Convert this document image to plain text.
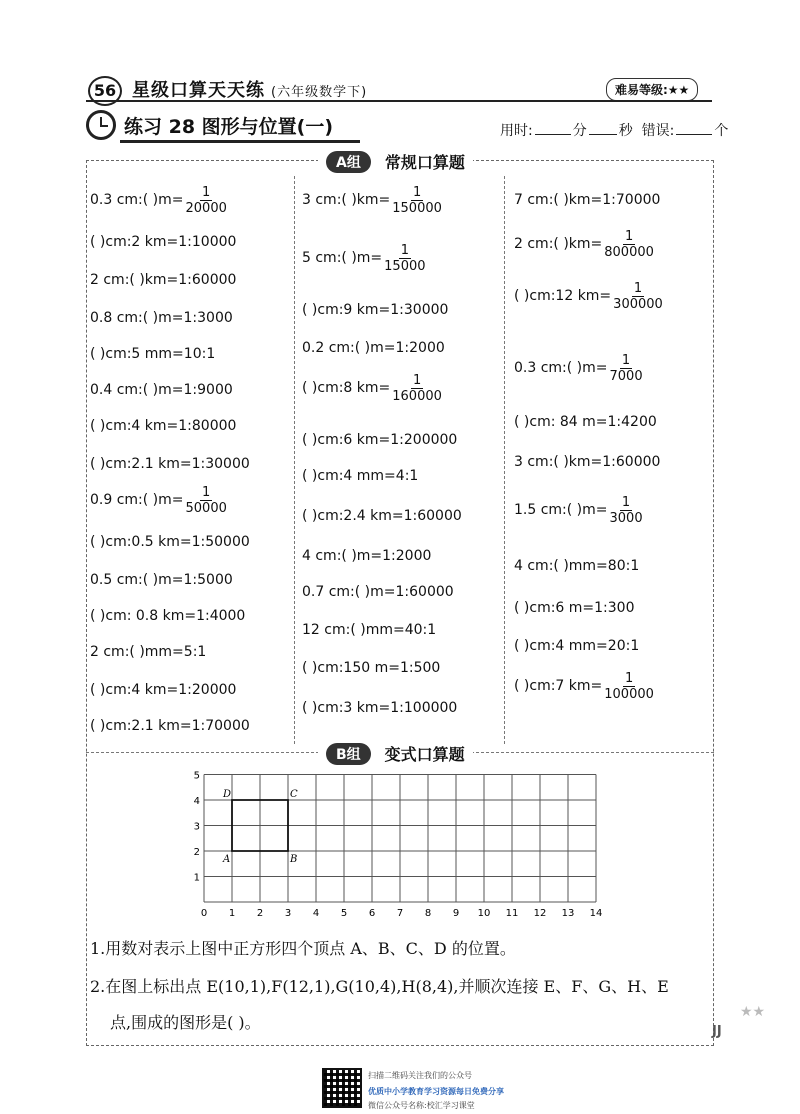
56 星级口算天天练 (六年级数学下)	难易等级:★★
练习 28 图形与位置(一)	用时:	分 秒 错误:	个
A组	常规口算题
B组	变式口算题
0.3 cm:( )$m= \frac{1}{20000}$
( )cm:2 km=1:10000
2 cm:( )km=1:60000
0.8 cm:( )m=1:3000
( )cm:5 mm=10:1
0.4 cm:( )m=1:9000
( )cm:4 km=1:80000
( )cm:2.1 km=1:30000
0.9 cm:( )$m= \frac{1}{50000}$
( )cm:0.5 km=1:50000
0.5 cm:( )m=1:5000
( )cm: 0.8 km=1:4000
2 cm:( )mm=5:1
( )cm:4 km=1:20000
( )cm:2.1 km=1:70000
3 cm:( )$km= \frac{1}{150000}$
5 cm:( )$m= \frac{1}{15000}$
( )cm:9 km=1:30000
0.2 cm:( )m=1:2000
( )cm:8 $km= \frac{1}{160000}$
( )cm:6 km=1:200000
( )cm:4 mm=4:1
( )cm:2.4 km=1:60000
4 cm:( )m=1:2000
0.7 cm:( )m=1:60000
12 cm:( )mm=40:1
( )cm:150 m=1:500
( )cm:3 km=1:100000
7 cm:( )km=1:70000
2 cm:( )$km= \frac{1}{800000}$
( )cm:12 $km= \frac{1}{300000}$
0.3 cm:( )$m= \frac{1}{7000}$
( )cm: 84 m=1:4200
3 cm:( )km=1:60000
1.5 cm:( )$m= \frac{1}{3000}$
4 cm:( )mm=80:1
( )cm:6 m=1:300
( )cm:4 mm=20:1
( )cm:7 $km= \frac{1}{100000}$
0 1 2 3 4 5 6 7 8 9 10 11 12 13 14
1
2
3
4
5
A	B
C
D
1.用数对表示上图中正方形四个顶点 A、B、C、D 的位置。
2.在图上标出点 E(10,1),F(12,1),G(10,4),H(8,4),并顺次连接 E、F、G、H、E
点,围成的图形是( )。	JJ
★★
扫描二维码关注我们的公众号
优质中小学教育学习资源每日免费分享
微信公众号名称:校汇学习课堂
